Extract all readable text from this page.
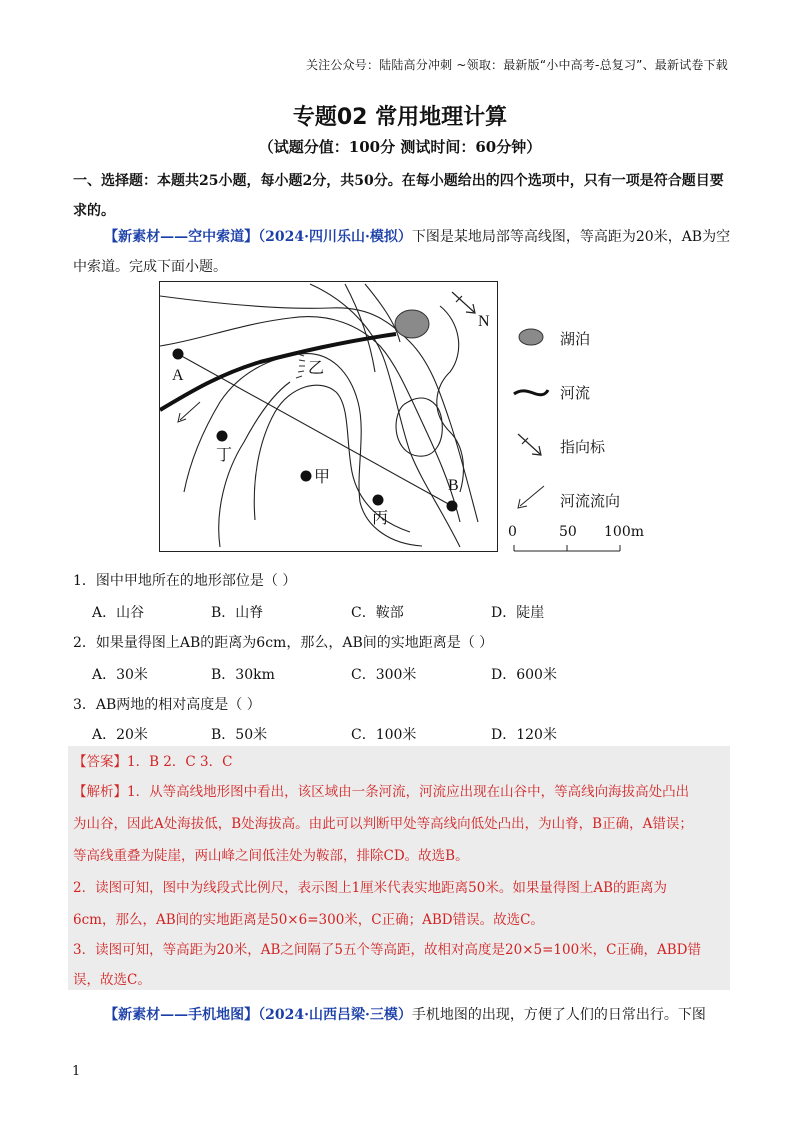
关注公众号：陆陆高分冲刺 ~领取：最新版“小中高考-总复习”、最新试卷下载
专题02 常用地理计算
（试题分值：100分 测试时间：60分钟）
一、选择题：本题共25小题，每小题2分，共50分。在每小题给出的四个选项中，只有一项是符合题目要求的。
【新素材——空中索道】（2024·四川乐山·模拟）下图是某地局部等高线图，等高距为20米，AB为空中索道。完成下面小题。
A
B
乙
丁
甲
丙
N
湖泊
河流
指向标
河流流向
0	50 100m
1．图中甲地所在的地形部位是（ ）
A．山谷	B．山脊	C．鞍部	D．陡崖
2．如果量得图上AB的距离为6cm，那么，AB间的实地距离是（ ）
A．30米	B．30km	C．300米	D．600米
3．AB两地的相对高度是（ ）
A．20米	B．50米	C．100米	D．120米
【答案】1．B 2．C 3．C
【解析】1．从等高线地形图中看出，该区域由一条河流，河流应出现在山谷中，等高线向海拔高处凸出
为山谷，因此A处海拔低，B处海拔高。由此可以判断甲处等高线向低处凸出，为山脊，B正确，A错误；
等高线重叠为陡崖，两山峰之间低洼处为鞍部，排除CD。故选B。
2．读图可知，图中为线段式比例尺，表示图上1厘米代表实地距离50米。如果量得图上AB的距离为
6cm，那么，AB间的实地距离是50×6=300米，C正确；ABD错误。故选C。
3．读图可知，等高距为20米，AB之间隔了5五个等高距，故相对高度是20×5=100米，C正确，ABD错
误，故选C。
【新素材——手机地图】（2024·山西吕梁·三模）手机地图的出现，方便了人们的日常出行。下图
1
